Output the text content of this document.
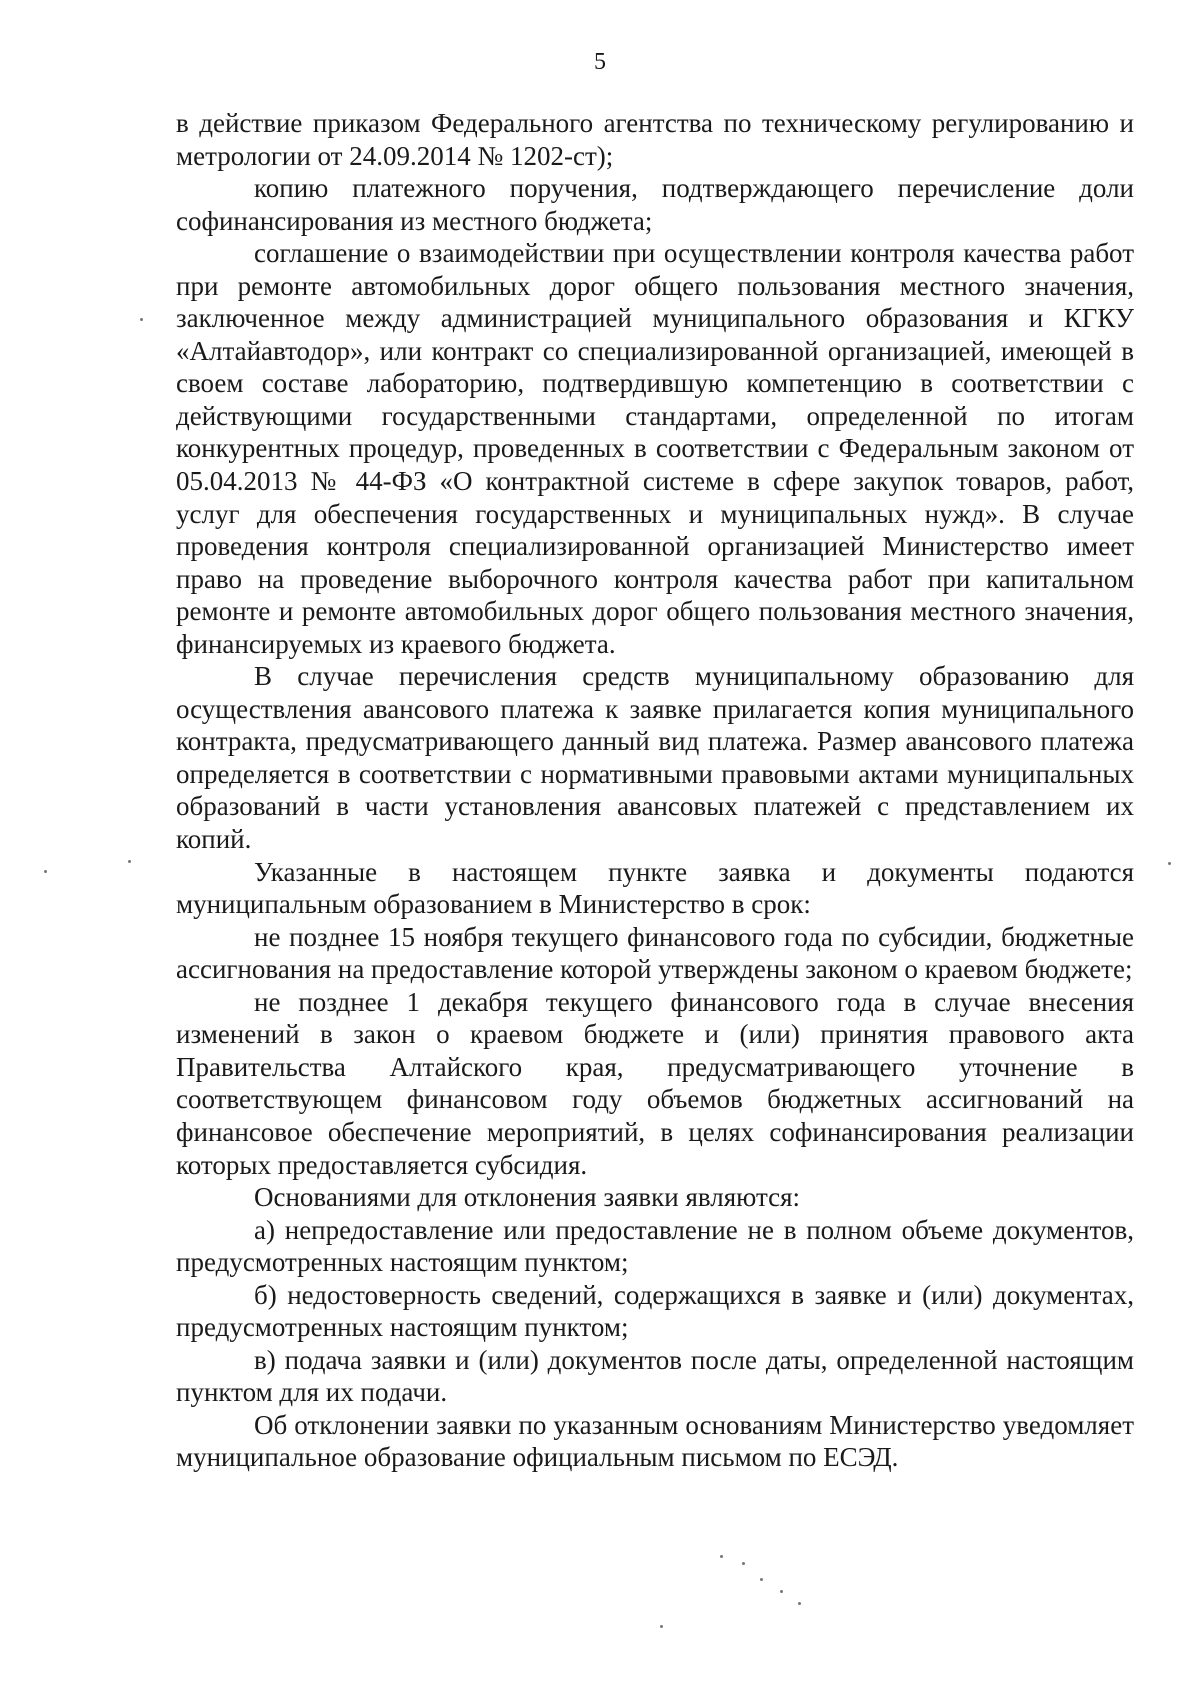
5

в действие приказом Федерального агентства по техническому регулированию и метрологии от 24.09.2014 № 1202-ст);

копию платежного поручения, подтверждающего перечисление доли софинансирования из местного бюджета;

соглашение о взаимодействии при осуществлении контроля качества работ при ремонте автомобильных дорог общего пользования местного значения, заключенное между администрацией муниципального образования и КГКУ «Алтайавтодор», или контракт со специализированной организацией, имеющей в своем составе лабораторию, подтвердившую компетенцию в соответствии с действующими государственными стандартами, определенной по итогам конкурентных процедур, проведенных в соответствии с Федеральным законом от 05.04.2013 № 44-ФЗ «О контрактной системе в сфере закупок товаров, работ, услуг для обеспечения государственных и муниципальных нужд». В случае проведения контроля специализированной организацией Министерство имеет право на проведение выборочного контроля качества работ при капитальном ремонте и ремонте автомобильных дорог общего пользования местного значения, финансируемых из краевого бюджета.

В случае перечисления средств муниципальному образованию для осуществления авансового платежа к заявке прилагается копия муниципального контракта, предусматривающего данный вид платежа. Размер авансового платежа определяется в соответствии с нормативными правовыми актами муниципальных образований в части установления авансовых платежей с представлением их копий.

Указанные в настоящем пункте заявка и документы подаются муниципальным образованием в Министерство в срок:

не позднее 15 ноября текущего финансового года по субсидии, бюджетные ассигнования на предоставление которой утверждены законом о краевом бюджете;

не позднее 1 декабря текущего финансового года в случае внесения изменений в закон о краевом бюджете и (или) принятия правового акта Правительства Алтайского края, предусматривающего уточнение в соответствующем финансовом году объемов бюджетных ассигнований на финансовое обеспечение мероприятий, в целях софинансирования реализации которых предоставляется субсидия.

Основаниями для отклонения заявки являются:

а) непредоставление или предоставление не в полном объеме документов, предусмотренных настоящим пунктом;

б) недостоверность сведений, содержащихся в заявке и (или) документах, предусмотренных настоящим пунктом;

в) подача заявки и (или) документов после даты, определенной настоящим пунктом для их подачи.

Об отклонении заявки по указанным основаниям Министерство уведомляет муниципальное образование официальным письмом по ЕСЭД.
